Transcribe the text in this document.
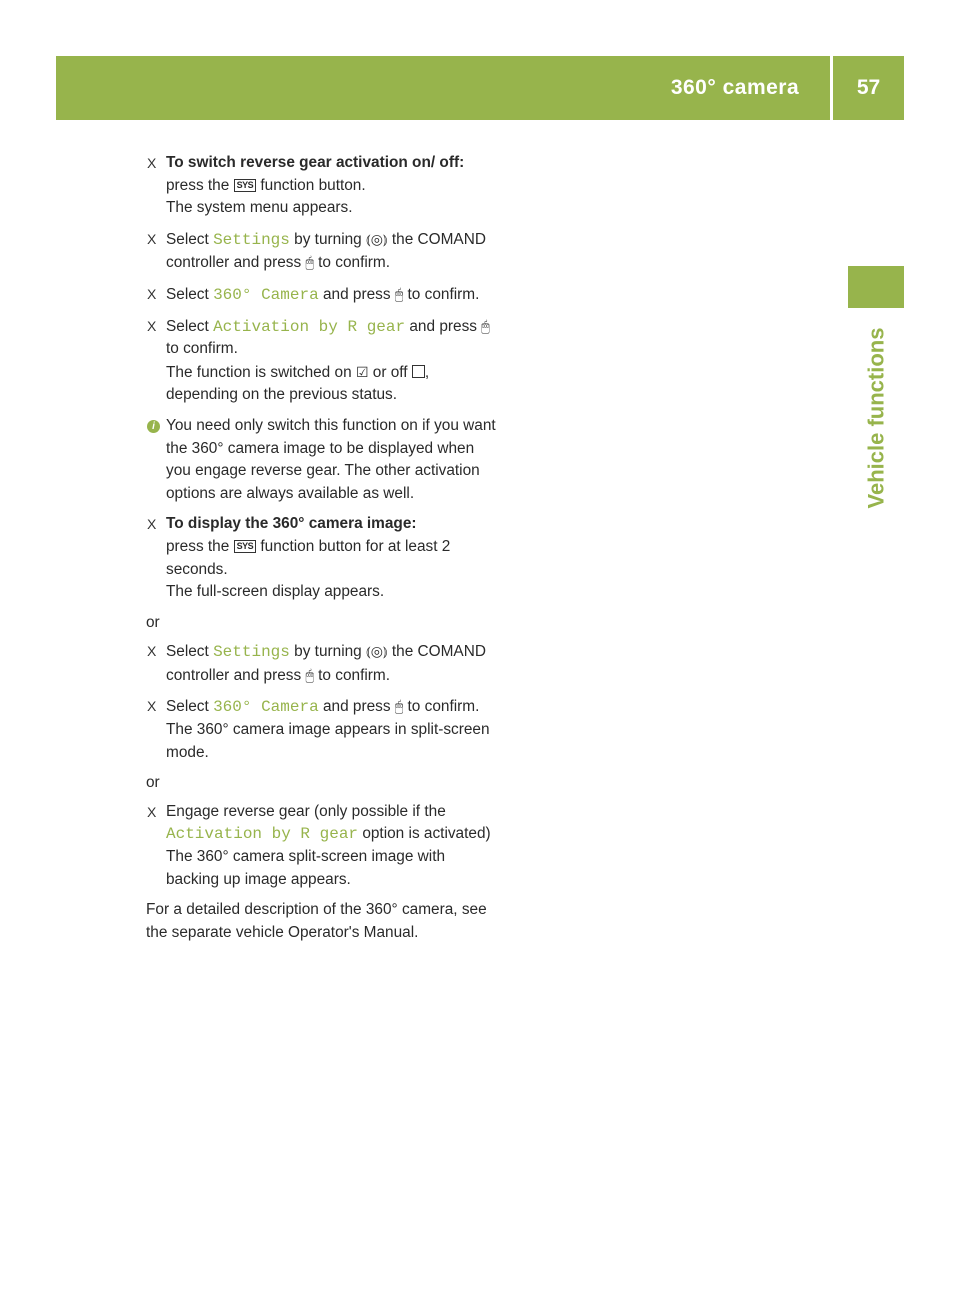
360° camera	57
Vehicle functions
X To switch reverse gear activation on/ off: press the SYS function button.
The system menu appears.
X Select Settings by turning ⦅◎⦆ the COMAND controller and press 🖱 to confirm.
X Select 360° Camera and press 🖱 to confirm.
X Select Activation by R gear and press 🖱 to confirm.
The function is switched on ☑ or off , depending on the previous status.
i You need only switch this function on if you want the 360° camera image to be displayed when you engage reverse gear. The other activation options are always available as well.
X To display the 360° camera image:
press the SYS function button for at least 2 seconds.
The full-screen display appears.
or
X Select Settings by turning ⦅◎⦆ the COMAND controller and press 🖱 to confirm.
X Select 360° Camera and press 🖱 to confirm.
The 360° camera image appears in split-screen mode.
or
X Engage reverse gear (only possible if the Activation by R gear option is activated)
The 360° camera split-screen image with backing up image appears.
For a detailed description of the 360° camera, see the separate vehicle Operator's Manual.
